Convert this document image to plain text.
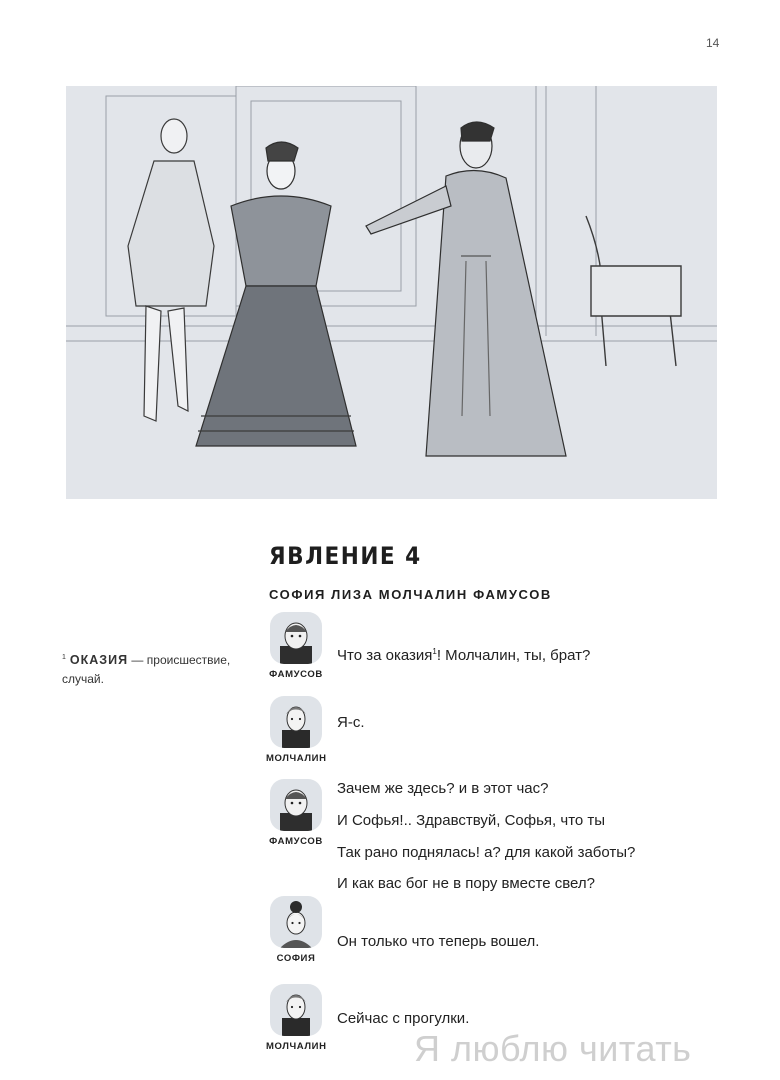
14
ЯВЛЕНИЕ 4
СОФИЯ ЛИЗА МОЛЧАЛИН ФАМУСОВ
$^1$ ОКАЗИЯ — происшествие, случай.	ФАМУСОВ
Что за оказия$^1$! Молчалин, ты, брат?
МОЛЧАЛИН
Я-с.
ФАМУСОВ
Зачем же здесь? и в этот час?
И Софья!.. Здравствуй, Софья, что ты
Так рано поднялась! а? для какой заботы?
И как вас бог не в пору вместе свел?
СОФИЯ
Он только что теперь вошел.
МОЛЧАЛИН
Сейчас с прогулки.
Я люблю читать
